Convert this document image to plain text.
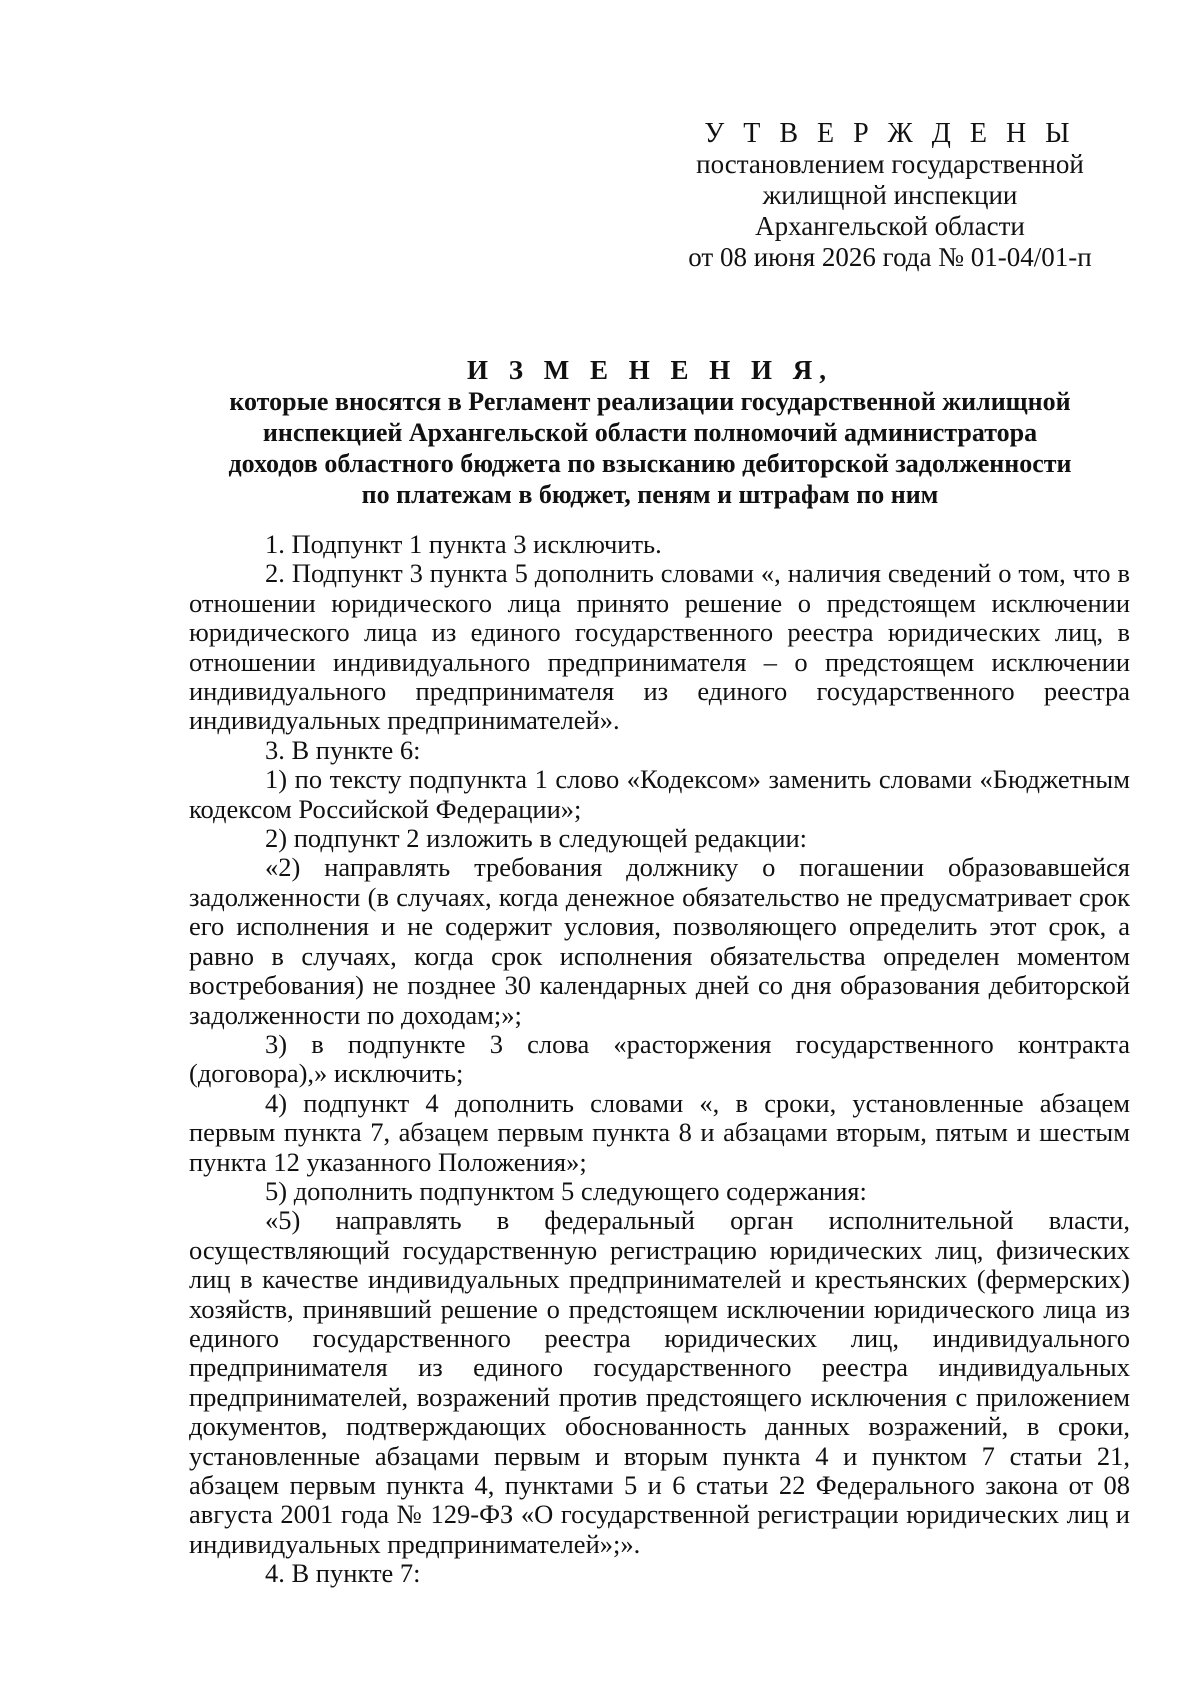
У Т В Е Р Ж Д Е Н Ы
постановлением государственной
жилищной инспекции
Архангельской области
от 08 июня 2026 года № 01-04/01-п
И З М Е Н Е Н И Я,
которые вносятся в Регламент реализации государственной жилищной
инспекцией Архангельской области полномочий администратора
доходов областного бюджета по взысканию дебиторской задолженности
по платежам в бюджет, пеням и штрафам по ним

1. Подпункт 1 пункта 3 исключить.

2. Подпункт 3 пункта 5 дополнить словами «, наличия сведений о том, что в отношении юридического лица принято решение о предстоящем исключении юридического лица из единого государственного реестра юридических лиц, в отношении индивидуального предпринимателя – о предстоящем исключении индивидуального предпринимателя из единого государственного реестра индивидуальных предпринимателей».

3. В пункте 6:

1) по тексту подпункта 1 слово «Кодексом» заменить словами «Бюджетным кодексом Российской Федерации»;

2) подпункт 2 изложить в следующей редакции:

«2) направлять требования должнику о погашении образовавшейся задолженности (в случаях, когда денежное обязательство не предусматривает срок его исполнения и не содержит условия, позволяющего определить этот срок, а равно в случаях, когда срок исполнения обязательства определен моментом востребования) не позднее 30 календарных дней со дня образования дебиторской задолженности по доходам;»;

3) в подпункте 3 слова «расторжения государственного контракта (договора),» исключить;

4) подпункт 4 дополнить словами «, в сроки, установленные абзацем первым пункта 7, абзацем первым пункта 8 и абзацами вторым, пятым и шестым пункта 12 указанного Положения»;

5) дополнить подпунктом 5 следующего содержания:

«5) направлять в федеральный орган исполнительной власти, осуществляющий государственную регистрацию юридических лиц, физических лиц в качестве индивидуальных предпринимателей и крестьянских (фермерских) хозяйств, принявший решение о предстоящем исключении юридического лица из единого государственного реестра юридических лиц, индивидуального предпринимателя из единого государственного реестра индивидуальных предпринимателей, возражений против предстоящего исключения с приложением документов, подтверждающих обоснованность данных возражений, в сроки, установленные абзацами первым и вторым пункта 4 и пунктом 7 статьи 21, абзацем первым пункта 4, пунктами 5 и 6 статьи 22 Федерального закона от 08 августа 2001 года № 129-ФЗ «О государственной регистрации юридических лиц и индивидуальных предпринимателей»;».

4. В пункте 7:
